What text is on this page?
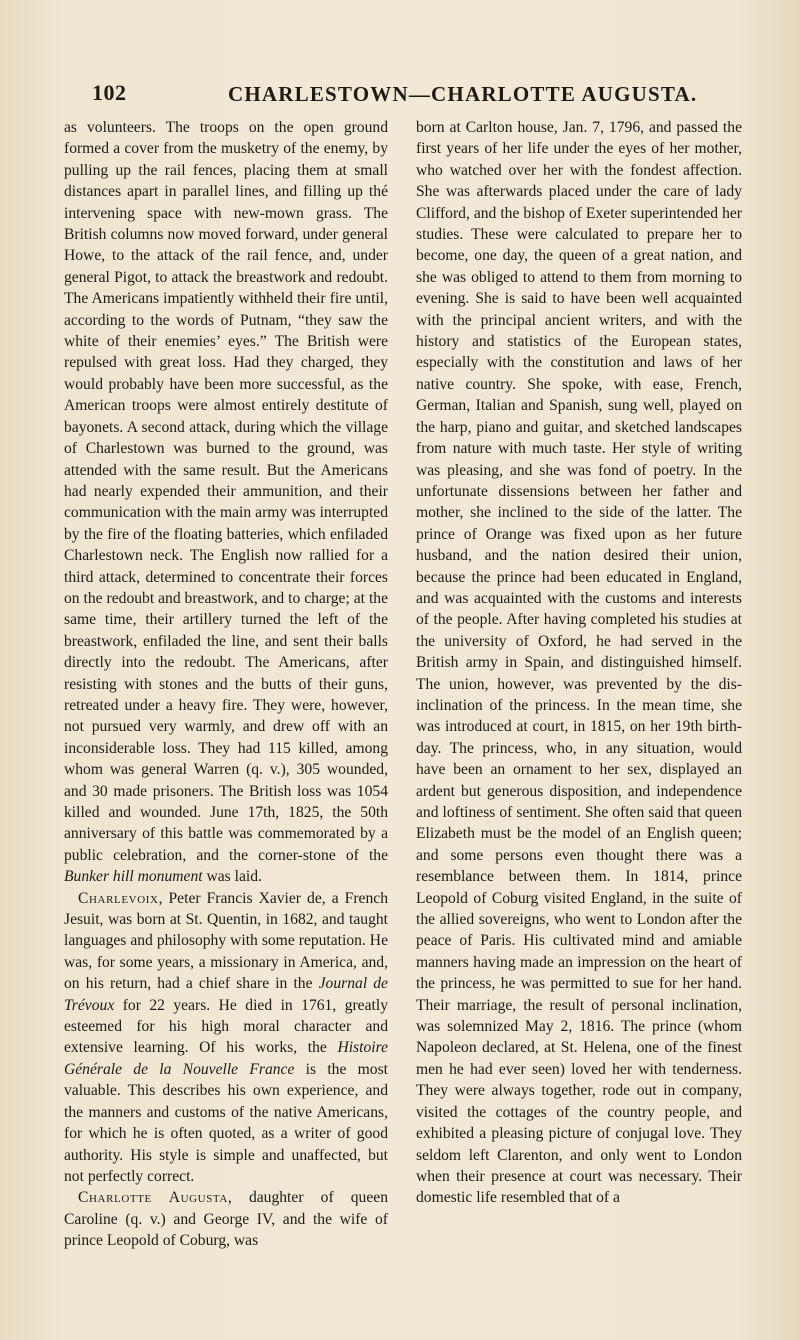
102	CHARLESTOWN—CHARLOTTE AUGUSTA.

as volunteers. The troops on the open ground formed a cover from the musketry of the enemy, by pulling up the rail fences, placing them at small distances apart in parallel lines, and filling up thé intervening space with new-mown grass. The British columns now moved forward, under general Howe, to the attack of the rail fence, and, under general Pigot, to attack the breastwork and redoubt. The Americans impatiently withheld their fire until, according to the words of Putnam, “they saw the white of their enemies’ eyes.” The British were repulsed with great loss. Had they charged, they would probably have been more successful, as the American troops were almost entirely destitute of bayonets. A second attack, during which the village of Charlestown was burned to the ground, was attended with the same result. But the Americans had nearly expended their ammunition, and their communication with the main army was interrupted by the fire of the floating batteries, which enfiladed Charlestown neck. The English now rallied for a third attack, determined to concentrate their forces on the redoubt and breastwork, and to charge; at the same time, their artillery turned the left of the breastwork, enfiladed the line, and sent their balls directly into the redoubt. The Americans, after resisting with stones and the butts of their guns, retreated under a heavy fire. They were, however, not pursued very warmly, and drew off with an inconsiderable loss. They had 115 killed, among whom was general Warren (q. v.), 305 wounded, and 30 made prisoners. The British loss was 1054 killed and wounded. June 17th, 1825, the 50th anniversary of this battle was commemorated by a public celebration, and the corner-stone of the Bunker hill monument was laid.

Charlevoix, Peter Francis Xavier de, a French Jesuit, was born at St. Quentin, in 1682, and taught languages and philosophy with some reputation. He was, for some years, a missionary in America, and, on his return, had a chief share in the Journal de Trévoux for 22 years. He died in 1761, greatly esteemed for his high moral character and extensive learning. Of his works, the Histoire Générale de la Nouvelle France is the most valuable. This describes his own experience, and the manners and customs of the native Americans, for which he is often quoted, as a writer of good authority. His style is simple and unaffected, but not perfectly correct.

Charlotte Augusta, daughter of queen Caroline (q. v.) and George IV, and the wife of prince Leopold of Coburg, was

born at Carlton house, Jan. 7, 1796, and passed the first years of her life under the eyes of her mother, who watched over her with the fondest affection. She was afterwards placed under the care of lady Clifford, and the bishop of Exeter superintended her studies. These were calculated to prepare her to become, one day, the queen of a great nation, and she was obliged to attend to them from morning to evening. She is said to have been well acquainted with the principal ancient writers, and with the history and statistics of the European states, especially with the constitution and laws of her native country. She spoke, with ease, French, German, Italian and Spanish, sung well, played on the harp, piano and guitar, and sketched landscapes from nature with much taste. Her style of writing was pleasing, and she was fond of poetry. In the unfortunate dissensions between her father and mother, she inclined to the side of the latter. The prince of Orange was fixed upon as her future husband, and the nation desired their union, because the prince had been educated in England, and was acquainted with the customs and interests of the people. After having completed his studies at the university of Oxford, he had served in the British army in Spain, and distinguished himself. The union, however, was prevented by the disinclination of the princess. In the mean time, she was introduced at court, in 1815, on her 19th birth-day. The princess, who, in any situation, would have been an ornament to her sex, displayed an ardent but generous disposition, and independence and loftiness of sentiment. She often said that queen Elizabeth must be the model of an English queen; and some persons even thought there was a resemblance between them. In 1814, prince Leopold of Coburg visited England, in the suite of the allied sovereigns, who went to London after the peace of Paris. His cultivated mind and amiable manners having made an impression on the heart of the princess, he was permitted to sue for her hand. Their marriage, the result of personal inclination, was solemnized May 2, 1816. The prince (whom Napoleon declared, at St. Helena, one of the finest men he had ever seen) loved her with tenderness. They were always together, rode out in company, visited the cottages of the country people, and exhibited a pleasing picture of conjugal love. They seldom left Clarenton, and only went to London when their presence at court was necessary. Their domestic life resembled that of a
